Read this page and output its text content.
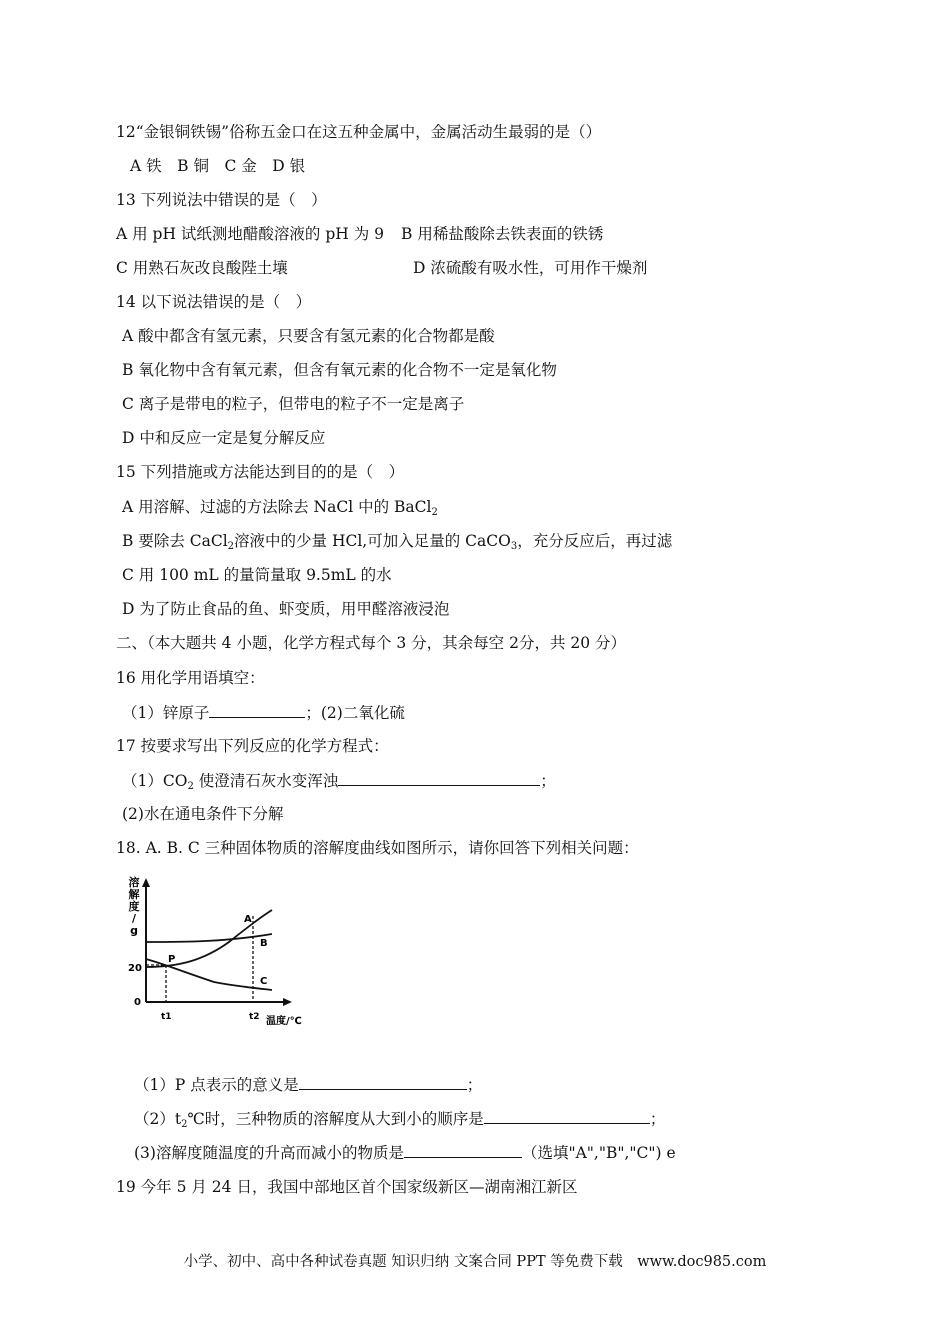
12“金银铜铁锡”俗称五金口在这五种金属中，金属活动生最弱的是（）
A 铁　B 铜　C 金　D 银
13 下列说法中错误的是（　）
A 用 pH 试纸测地醋酸溶液的 pH 为 9 B 用稀盐酸除去铁表面的铁锈
C 用熟石灰改良酸陛土壤	D 浓硫酸有吸水性，可用作干燥剂
14 以下说法错误的是（　）
A 酸中都含有氢元素，只要含有氢元素的化合物都是酸
B 氧化物中含有氧元素，但含有氧元素的化合物不一定是氧化物
C 离子是带电的粒子，但带电的粒子不一定是离子
D 中和反应一定是复分解反应
15 下列措施或方法能达到目的的是（　）
A 用溶解、过滤的方法除去 NaCl 中的 BaCl$_2$
B 要除去 CaCl$_2$溶液中的少量 HCl,可加入足量的 CaCO$_3$，充分反应后，再过滤
C 用 100 mL 的量筒量取 9.5mL 的水
D 为了防止食品的鱼、虾变质，用甲醛溶液浸泡
二、（本大题共 4 小题，化学方程式每个 3 分，其余每空 2分，共 20 分）
16 用化学用语填空：
（1）锌原子	；(2)二氧化硫
17 按要求写出下列反应的化学方程式：
$(1)CO_2$ 使澄清石灰水变浑浊	；
(2)水在通电条件下分解
18. A. B. C 三种固体物质的溶解度曲线如图所示，请你回答下列相关问题：
溶解度/ g
20
0
P
A
B
C
t1	t2 温度/℃
（1）P 点表示的意义是	；
$(2)t_2℃$时，三种物质的溶解度从大到小的顺序是	；
(3)溶解度随温度的升高而减小的物质是	（选填"A","B","C") e
19 今年 5 月 24 日，我国中部地区首个国家级新区—湖南湘江新区
小学、初中、高中各种试卷真题 知识归纳 文案合同 PPT 等免费下载　www.doc985.com
